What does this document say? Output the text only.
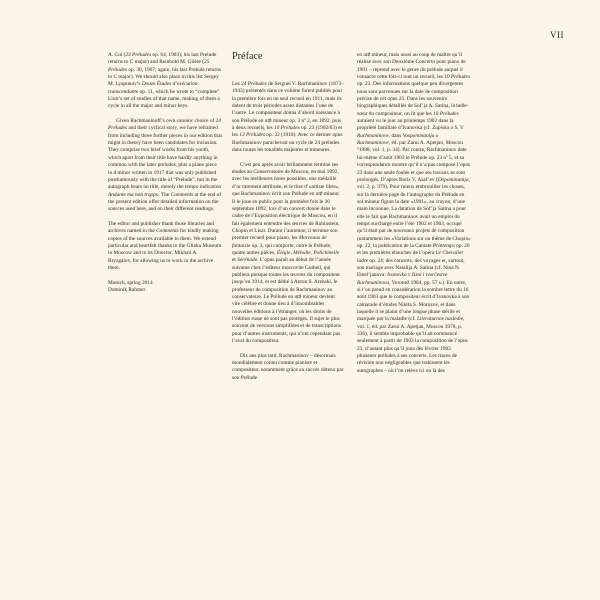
VII

A. Cui (23 Préludes op. 64, 1903); his last Prelude returns to C major) and Reinhold M. Glière (25 Préludes op. 30, 1907; again, his last Prelude returns to C major). We should also place in this list Sergey M. Lyapunov’s Douze Études d’exécution transcendante op. 11, which he wrote to “complete” Liszt’s set of studies of that name, making of them a cycle in all the major and minor keys.

Given Rachmaninoff’s own canonic choice of 24 Préludes and their cyclical story, we have refrained from including three further pieces in our edition that might in theory have been candidates for inclusion. They comprise two brief works from his youth, which apart from their title have hardly anything in common with the later preludes, plus a piano piece in d minor written in 1917 that was only published posthumously with the title of “Prelude”, but in the autograph bears no title, merely the tempo indication Andante ma non troppo. The Comments at the end of the present edition offer detailed information on the sources used here, and on their different readings.

The editor and publisher thank those libraries and archives named in the Comments for kindly making copies of the sources available to them. We extend particular and heartfelt thanks to the Glinka Museum in Moscow and to its Director, Mikhail A. Bryzgalov, for allowing us to work in the archive there.

Munich, spring 2014
Dominik Rahmer
Préface

Les 24 Préludes de Sergueï V. Rachmaninov (1873–1943) présentés dans ce volume furent publiés pour la première fois en un seul recueil en 1911, mais ils datent de trois périodes assez distantes l’une de l’autre. Le compositeur donna d’abord naissance à son Prélude en ut♯ mineur op. 3 nº 2, en 1892, puis à deux recueils, les 10 Préludes op. 23 (1902/03) et les 13 Préludes op. 32 (1910). Avec ce dernier opus Rachmaninov parachevait un cycle de 24 préludes dans toutes les tonalités majeures et mineures.

C’est peu après avoir brillamment terminé ses études au Conservatoire de Moscou, en mai 1892, avec les meilleures notes possibles, une médaille d’or rarement attribuée, et le titre d’«artiste libre», que Rachmaninov écrit son Prélude en ut♯ mineur. Il le joue en public pour la première fois le 26 septembre 1892, lors d’un concert donné dans le cadre de l’Exposition électrique de Moscou, en il fait également entendre des œuvres de Rubinstein, Chopin et Liszt. Durant l’automne, il termine son premier recueil pour piano, les Morceaux de fantaisie op. 3, qui comporte, outre le Prélude, quatre autres pièces, Élégie, Mélodie, Polichinelle et Sérénade. L’opus paraît au début de l’année suivante chez l’éditeur moscovite Gutheil, qui publiera presque toutes les œuvres du compositeur jusqu’en 1914, et est dédié à Anton S. Arenski, le professeur de composition de Rachmaninov au conservatoire. Le Prélude en ut♯ mineur devient vite célèbre et donne lieu à d’innombrables nouvelles éditions à l’étranger, où les droits de l’édition russe ne sont pas protégés. Il sujet le plus souvent de versions simplifiées et de transcriptions pour d’autres instruments, qui n’ont cependant pas l’aval du compositeur.

Dix ans plus tard, Rachmaninov – désormais mondialement connu comme pianiste et compositeur, notamment grâce au succès obtenu par son Prélude

en ut♯ mineur, mais aussi au coup de maître qu’il réalise avec son Deuxième Concerto pour piano de 1901 – reprend avec le genre du prélude auquel il consacre cette fois-ci tout un recueil, les 10 Préludes op. 23. Des informations quelque peu divergentes nous sont parvenues sur la date de composition précise de cet opus 23. Dans les souvenirs biographiques détaillés de Sof’ja A. Satina, la belle-sœur du compositeur, on lit que les 10 Préludes auraient vu le jour au printemps 1902 dans la propriété familiale d’Ivanovka (cf. Zapiska o S. V. Rachmaninove, dans Vospominanija o Rachmaninove, éd. par Zarui A. Apetjan, Moscou ⁵1988, vol. 1, p. 34). Par contre, Rachmaninov date lui-même d’août 1903 le Prélude op. 23 nº 5, et sa correspondance montre qu’il n’a pas composé l’opus 23 dans une seule foulée et que ses travaux se sont prolongés. D’après Boris V. Asaf’ev (Dopominanija, vol. 2, p. 379), Pour mieux embrouiller les choses, sur la dernière page de l’autographe du Prélude en sol mineur figure la date «1901», au crayon, d’une main inconnue. La datation de Sof’ja Satina a pour elle le fait que Rachmaninov avait un emploi du temps surchargé entre l’été 1902 et 1903, occupé qu’il était par de nouveaux projets de composition (notamment les «Variations sur un thème de Chopin» op. 22, la publication de la Cantate Printemps op. 20 et les premières ébauches de l’opéra Le Chevalier ladre op. 24; des concerts, des voyages et, surtout, son mariage avec Natalija A. Satina (cf. Nina N. Emel’janova: Ivanovka v žizni i tvorčestve Rachmaninova, Voronež 1984, pp. 57 s.). En outre, si l’on prend en considération la sombre lettre du 16 août 1903 que le compositeur écrit d’Ivanovka à son camarade d’études Nikita S. Morozov, et dans laquelle il se plaint d’une longue phase stérile et marquée par la maladie (cf. Literaturnoe nasledie, vol. 1, éd. par Zarui A. Apetjan, Moscou 1978, p. 336), il semble improbable qu’il ait commencé seulement à partir de 1903 la composition de l’opus 23, d’autant plus qu’il joua dès février 1903 plusieurs préludes à ses concerts. Les traces de révision non négligeables que trahissent les autographes – où l’on relève ici ou là des
